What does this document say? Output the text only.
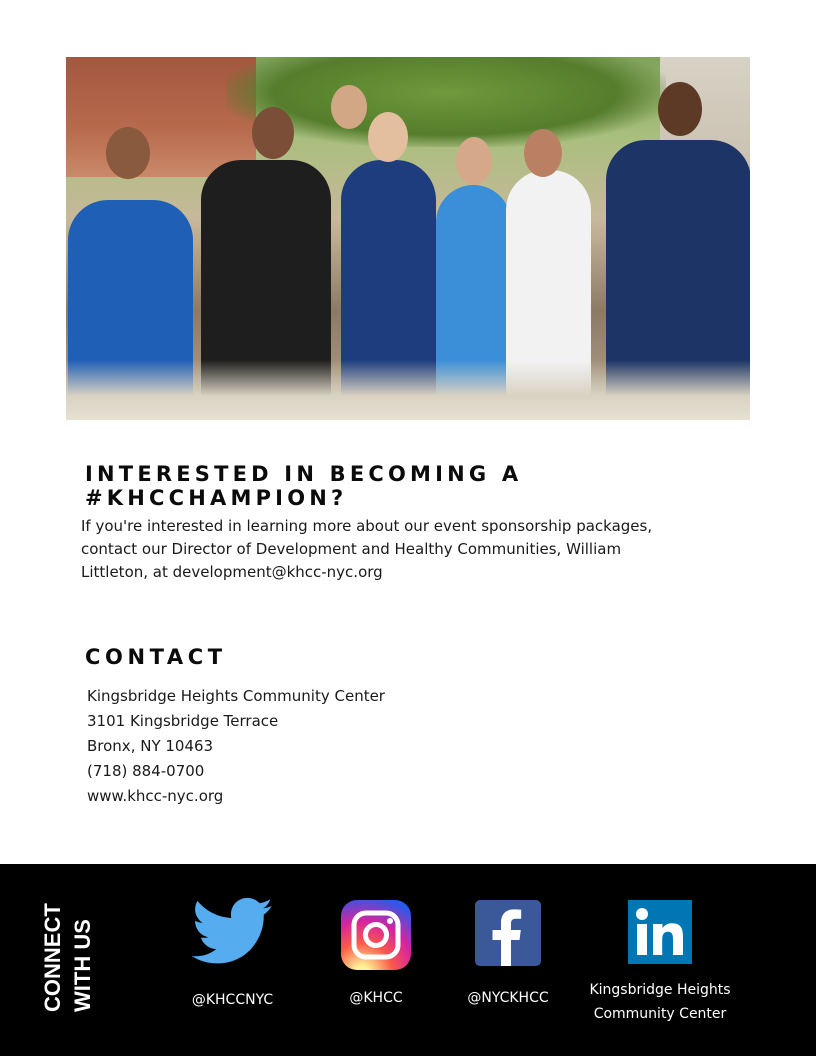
INTERESTED IN BECOMING A #KHCCHAMPION?
If you're interested in learning more about our event sponsorship packages,
contact our Director of Development and Healthy Communities, William
Littleton, at development@khcc-nyc.org
CONTACT
Kingsbridge Heights Community Center
3101 Kingsbridge Terrace
Bronx, NY 10463
(718) 884-0700
www.khcc-nyc.org
CONNECT WITH US	@KHCCNYC	@KHCC	@NYCKHCC	Kingsbridge Heights
Community Center
